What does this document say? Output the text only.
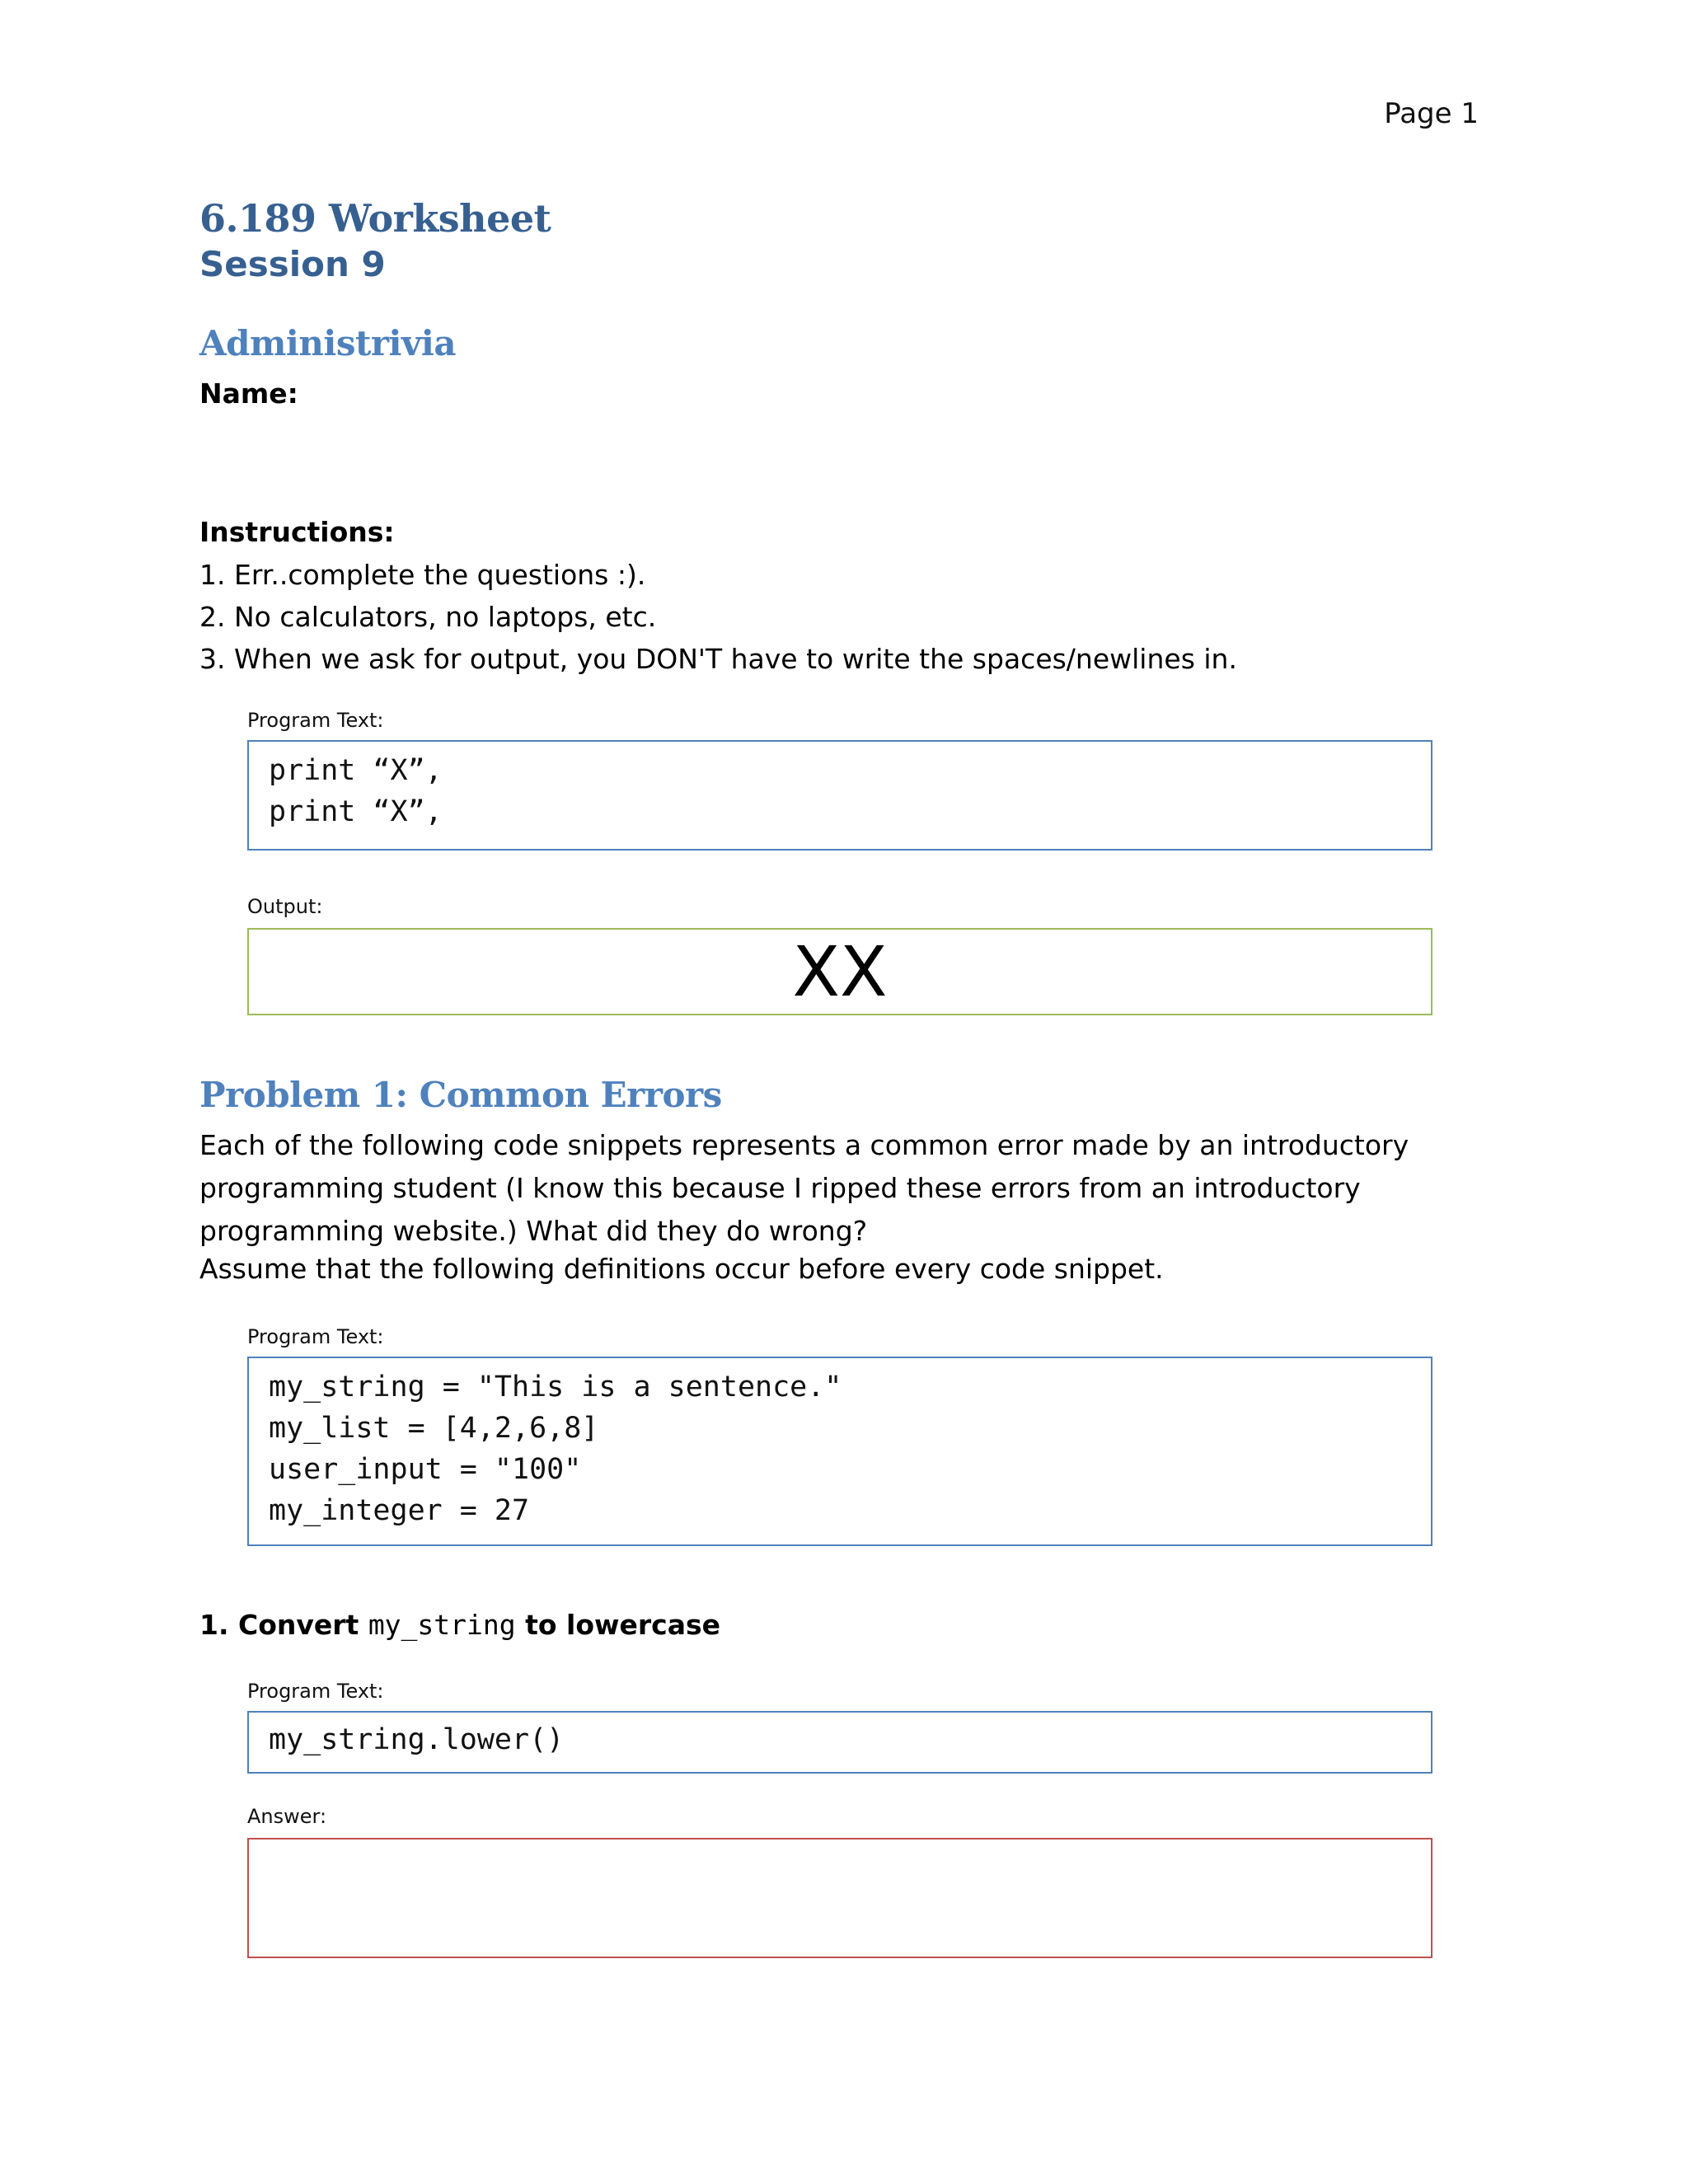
Page 1
6.189 Worksheet
Session 9
Administrivia
Name:
Instructions:
1. Err..complete the questions :).
2. No calculators, no laptops, etc.
3. When we ask for output, you DON'T have to write the spaces/newlines in.
Program Text:
print “X”,
print “X”,
Output:
XX
Problem 1: Common Errors

Each of the following code snippets represents a common error made by an introductory programming student (I know this because I ripped these errors from an introductory programming website.) What did they do wrong?

Assume that the following definitions occur before every code snippet.
Program Text:
my_string = "This is a sentence."
my_list = [4,2,6,8]
user_input = "100"
my_integer = 27
1. Convert my_string to lowercase
Program Text:
my_string.lower()
Answer:
